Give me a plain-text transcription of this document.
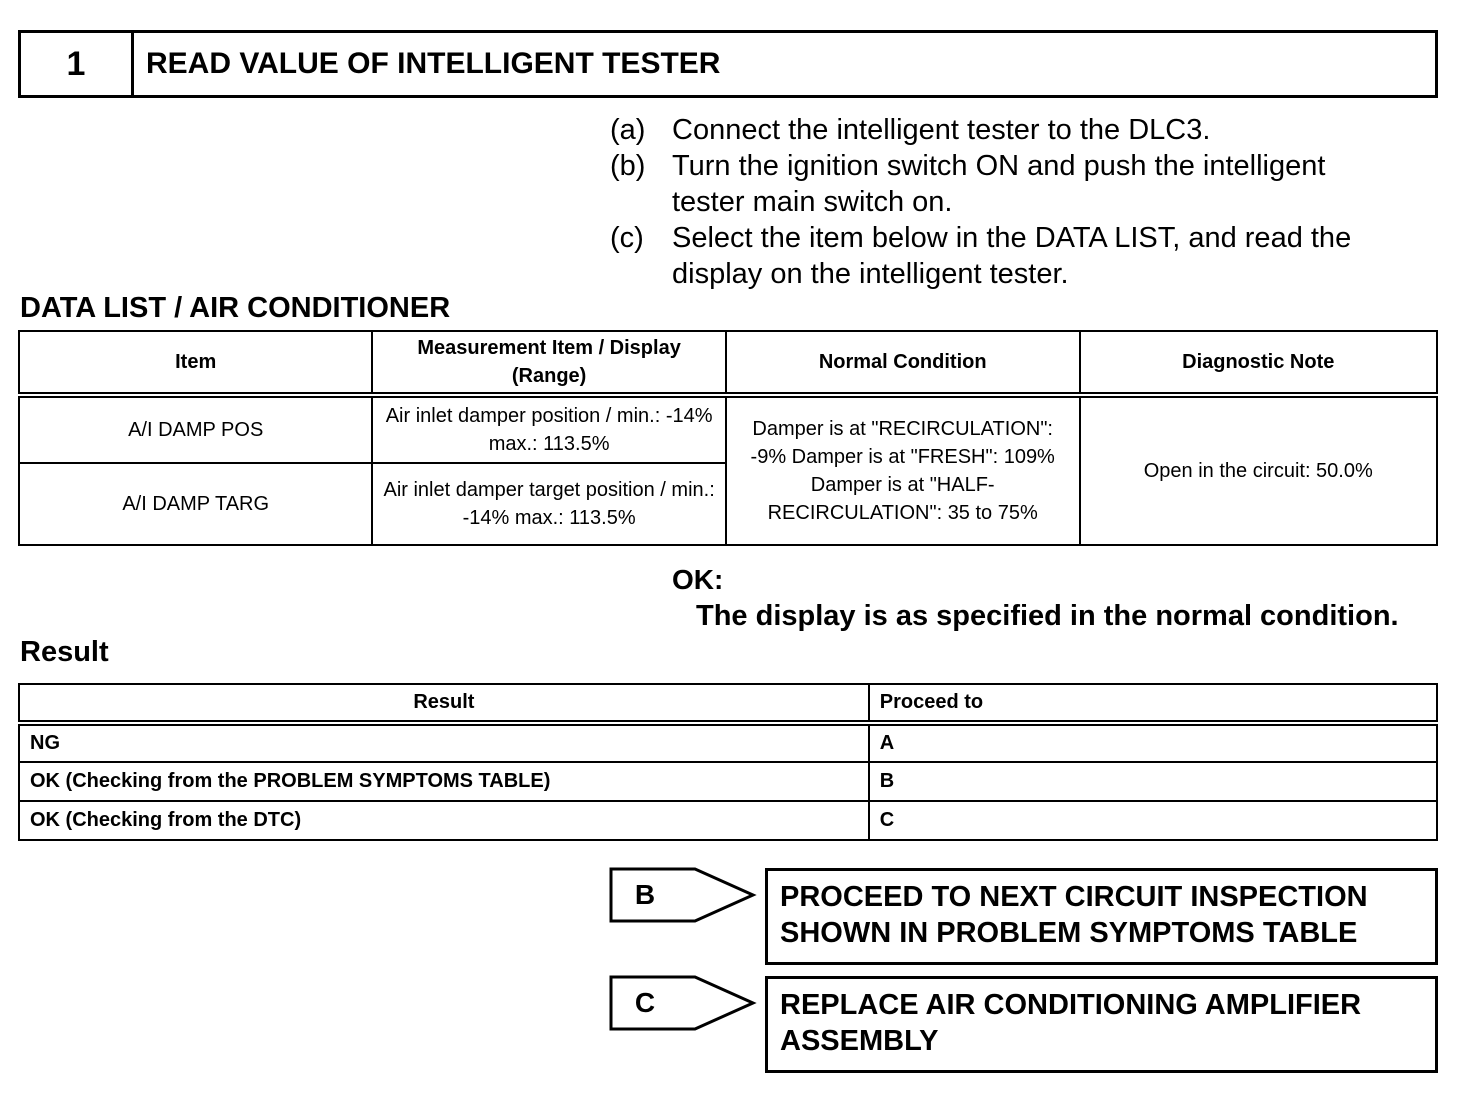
1	READ VALUE OF INTELLIGENT TESTER
(a) Connect the intelligent tester to the DLC3.
(b) Turn the ignition switch ON and push the intelligent tester main switch on.
(c) Select the item below in the DATA LIST, and read the display on the intelligent tester.
DATA LIST / AIR CONDITIONER
Item	Measurement Item / Display (Range)	Normal Condition	Diagnostic Note
A/I DAMP POS	Air inlet damper position / min.: -14% max.: 113.5%	Damper is at "RECIRCULATION": -9% Damper is at "FRESH": 109% Damper is at "HALF-RECIRCULATION": 35 to 75%	Open in the circuit: 50.0%
A/I DAMP TARG	Air inlet damper target position / min.: -14% max.: 113.5%		
OK:
The display is as specified in the normal condition.
Result
Result	Proceed to
NG	A
OK (Checking from the PROBLEM SYMPTOMS TABLE)	B
OK (Checking from the DTC)	C
B	PROCEED TO NEXT CIRCUIT INSPECTION SHOWN IN PROBLEM SYMPTOMS TABLE
C	REPLACE AIR CONDITIONING AMPLIFIER ASSEMBLY
